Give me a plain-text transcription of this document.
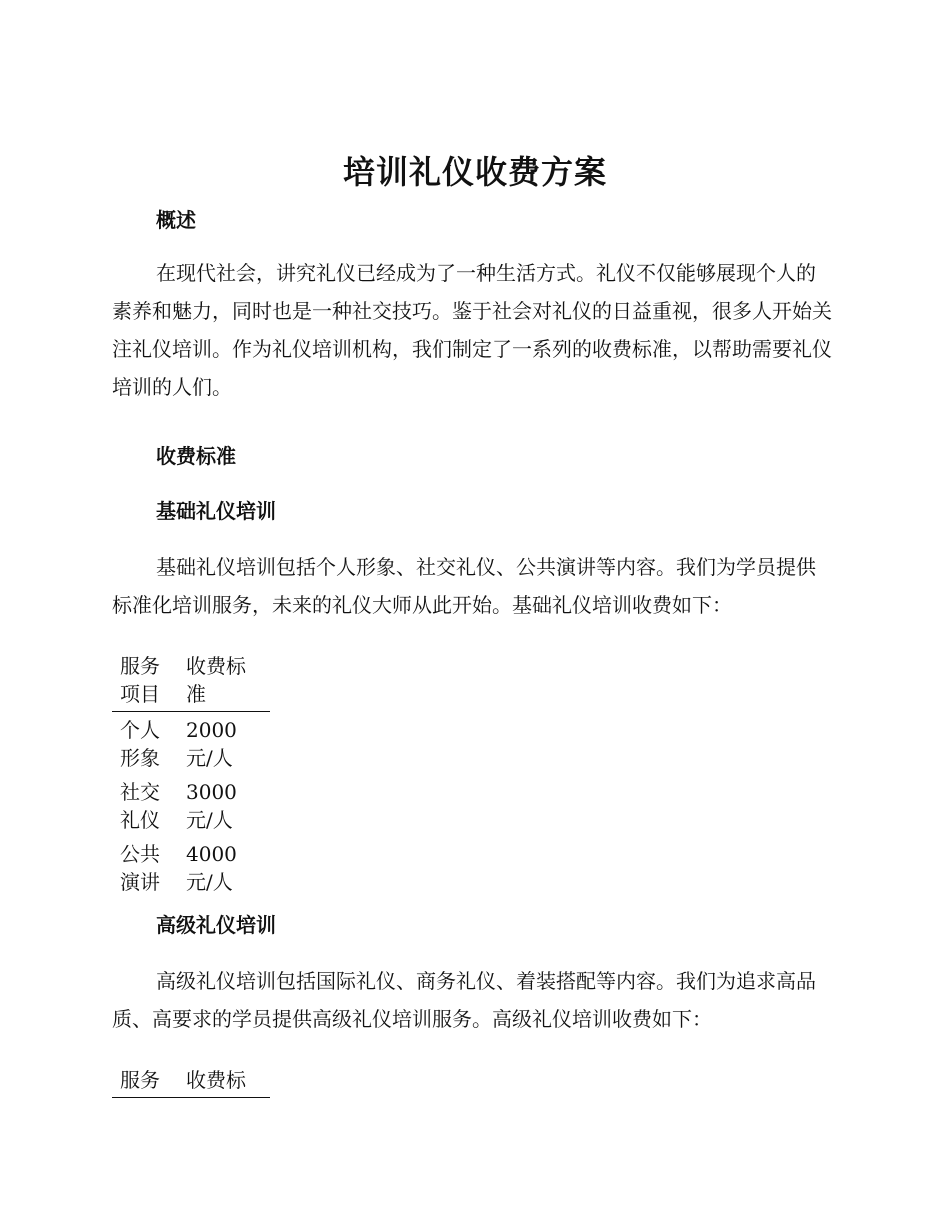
培训礼仪收费方案
概述

在现代社会，讲究礼仪已经成为了一种生活方式。礼仪不仅能够展现个人的素养和魅力，同时也是一种社交技巧。鉴于社会对礼仪的日益重视，很多人开始关注礼仪培训。作为礼仪培训机构，我们制定了一系列的收费标准，以帮助需要礼仪培训的人们。

收费标准
基础礼仪培训

基础礼仪培训包括个人形象、社交礼仪、公共演讲等内容。我们为学员提供标准化培训服务，未来的礼仪大师从此开始。基础礼仪培训收费如下：

服务项目	收费标准

个人形象	2000元/人

社交礼仪	3000元/人

公共演讲	4000元/人
高级礼仪培训

高级礼仪培训包括国际礼仪、商务礼仪、着装搭配等内容。我们为追求高品质、高要求的学员提供高级礼仪培训服务。高级礼仪培训收费如下：

服务	收费标
